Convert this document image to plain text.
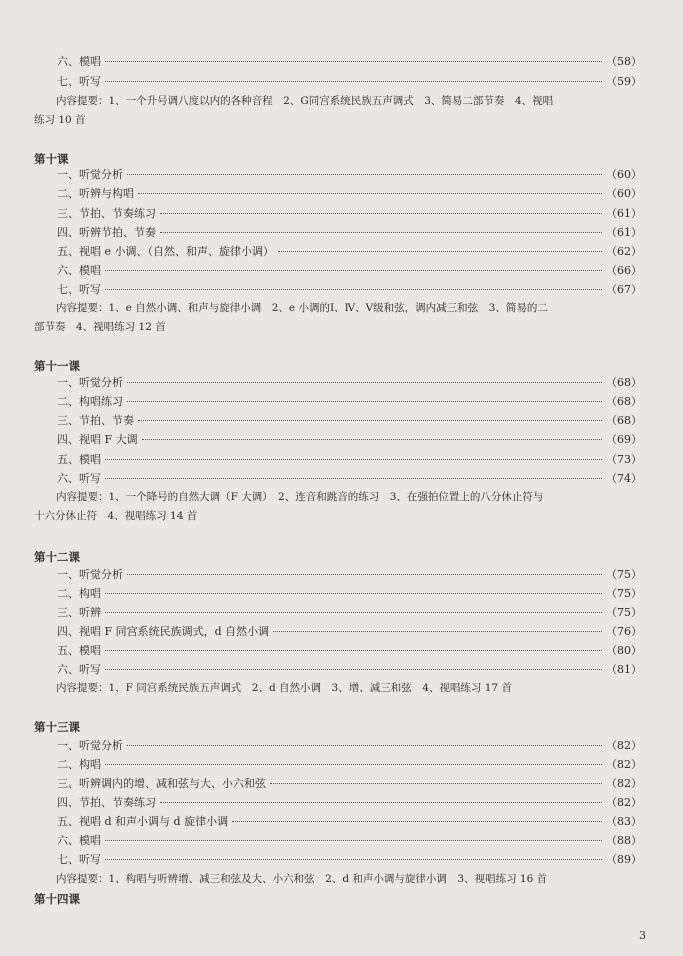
六、模唱	（58）
七、听写	（59）
内容提要：1、一个升号调八度以内的各种音程　2、G同宫系统民族五声调式　3、简易二部节奏　4、视唱
练习 10 首
第十课
一、听觉分析	（60）
二、听辨与构唱	（60）
三、节拍、节奏练习	（61）
四、听辨节拍、节奏	（61）
五、视唱 e 小调、（自然、和声、旋律小调）	（62）
六、模唱	（66）
七、听写	（67）
内容提要：1、e 自然小调、和声与旋律小调　2、e 小调的Ⅰ、Ⅳ、Ⅴ级和弦，调内减三和弦　3、简易的二
部节奏　4、视唱练习 12 首
第十一课
一、听觉分析	（68）
二、构唱练习	（68）
三、节拍、节奏	（68）
四、视唱 F 大调	（69）
五、模唱	（73）
六、听写	（74）
内容提要：1、一个降号的自然大调（F 大调）　2、连音和跳音的练习　3、在强拍位置上的八分休止符与
十六分休止符　4、视唱练习 14 首
第十二课
一、听觉分析	（75）
二、构唱	（75）
三、听辨	（75）
四、视唱 F 同宫系统民族调式，d 自然小调	（76）
五、模唱	（80）
六、听写	（81）
内容提要：1、F 同宫系统民族五声调式　2、d 自然小调　3、增、减三和弦　4、视唱练习 17 首
第十三课
一、听觉分析	（82）
二、构唱	（82）
三、听辨调内的增、减和弦与大、小六和弦	（82）
四、节拍、节奏练习	（82）
五、视唱 d 和声小调与 d 旋律小调	（83）
六、模唱	（88）
七、听写	（89）
内容提要：1、构唱与听辨增、减三和弦及大、小六和弦　2、d 和声小调与旋律小调　3、视唱练习 16 首
第十四课
3
